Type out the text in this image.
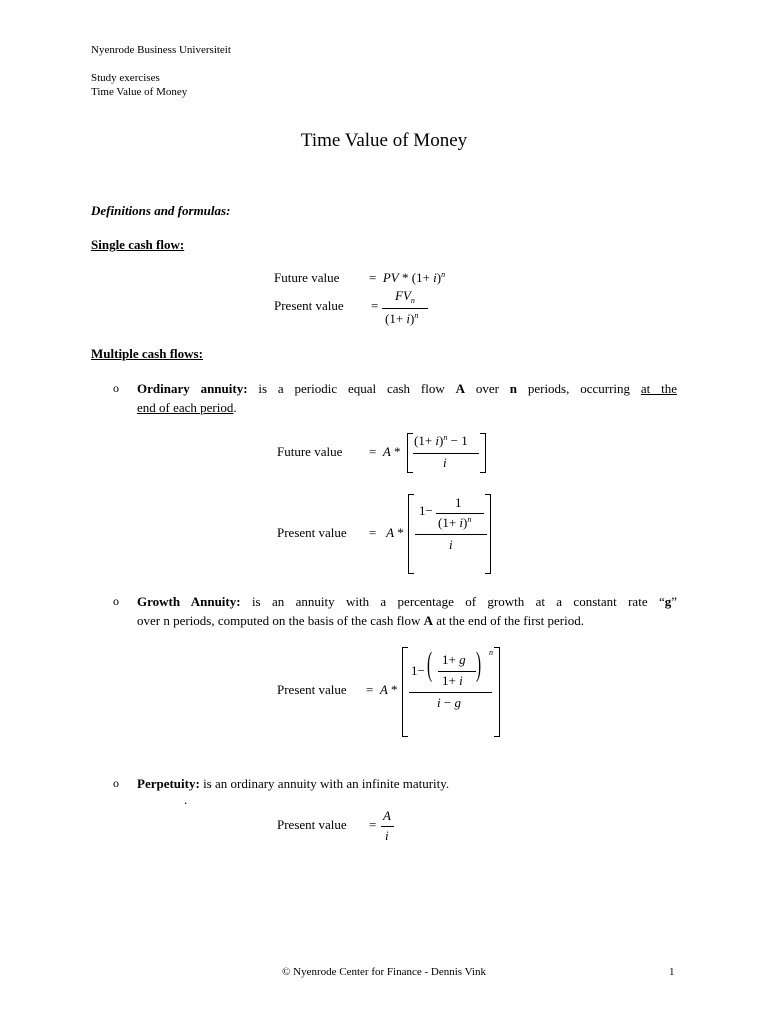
Nyenrode Business Universiteit
Study exercises
Time Value of Money
Time Value of Money
Definitions and formulas:
Single cash flow:
Future value =  PV * $(1+ i)^n$
Present value =
$FV_n$
$(1+ i)^n$
Multiple cash flows:
o Ordinary annuity: is a periodic equal cash flow A over n periods, occurring at the
end of each period.
Future value =  A *
$(1+ i)^n - 1$
i
Present value =   A *
1−
1
$(1+ i)^n$
i
o Growth Annuity: is an annuity with a percentage of growth at a constant rate “g”
over n periods, computed on the basis of the cash flow A at the end of the first period.
Present value =  A *
1− ( 1+ g
1+ i ) n
i − g
o Perpetuity: is an ordinary annuity with an infinite maturity.
.
Present value =
A
i
© Nyenrode Center for Finance - Dennis Vink	1
